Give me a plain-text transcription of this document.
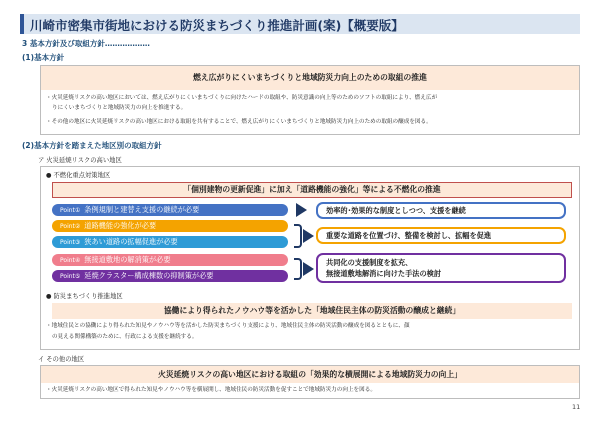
川崎市密集市街地における防災まちづくり推進計画(案)【概要版】
3 基本方針及び取組方針………………
(1)基本方針
燃え広がりにくいまちづくりと地域防災力向上のための取組の推進
・火災延焼リスクの高い地区においては、燃え広がりにくいまちづくりに向けたハードの取組や、防災意識の向上等のためのソフトの取組により、燃え広が
りにくいまちづくりと地域防災力の向上を推進する。
・その他の地区に火災延焼リスクの高い地区における取組を共有することで、燃え広がりにくいまちづくりと地域防災力向上のための取組の醸成を図る。
(2)基本方針を踏まえた地区別の取組方針
ア 火災延焼リスクの高い地区
● 不燃化重点対策地区
「個別建物の更新促進」に加え「道路機能の強化」等による不燃化の推進
Point① 条例規制と建替え支援の継続が必要
Point② 道路機能の強化が必要
Point③ 狭あい道路の拡幅促進が必要
Point④ 無接道敷地の解消策が必要
Point⑤ 延焼クラスター構成棟数の抑制策が必要
効率的･効果的な制度としつつ、支援を継続
重要な道路を位置づけ、整備を検討し、拡幅を促進
共同化の支援制度を拡充、
無接道敷地解消に向けた手法の検討
● 防災まちづくり推進地区
協働により得られたノウハウ等を活かした「地域住民主体の防災活動の醸成と継続」
・地域住民との協働により得られた知見やノウハウ等を活かした防災まちづくり支援により、地域住民主体の防災活動の醸成を図るとともに、顔
の見える関係構築のために、行政による支援を継続する。
イ その他の地区
火災延焼リスクの高い地区における取組の「効果的な横展開による地域防災力の向上」
・火災延焼リスクの高い地区で得られた知見やノウハウ等を横展開し、地域住民の防災活動を促すことで地域防災力の向上を図る。
11
